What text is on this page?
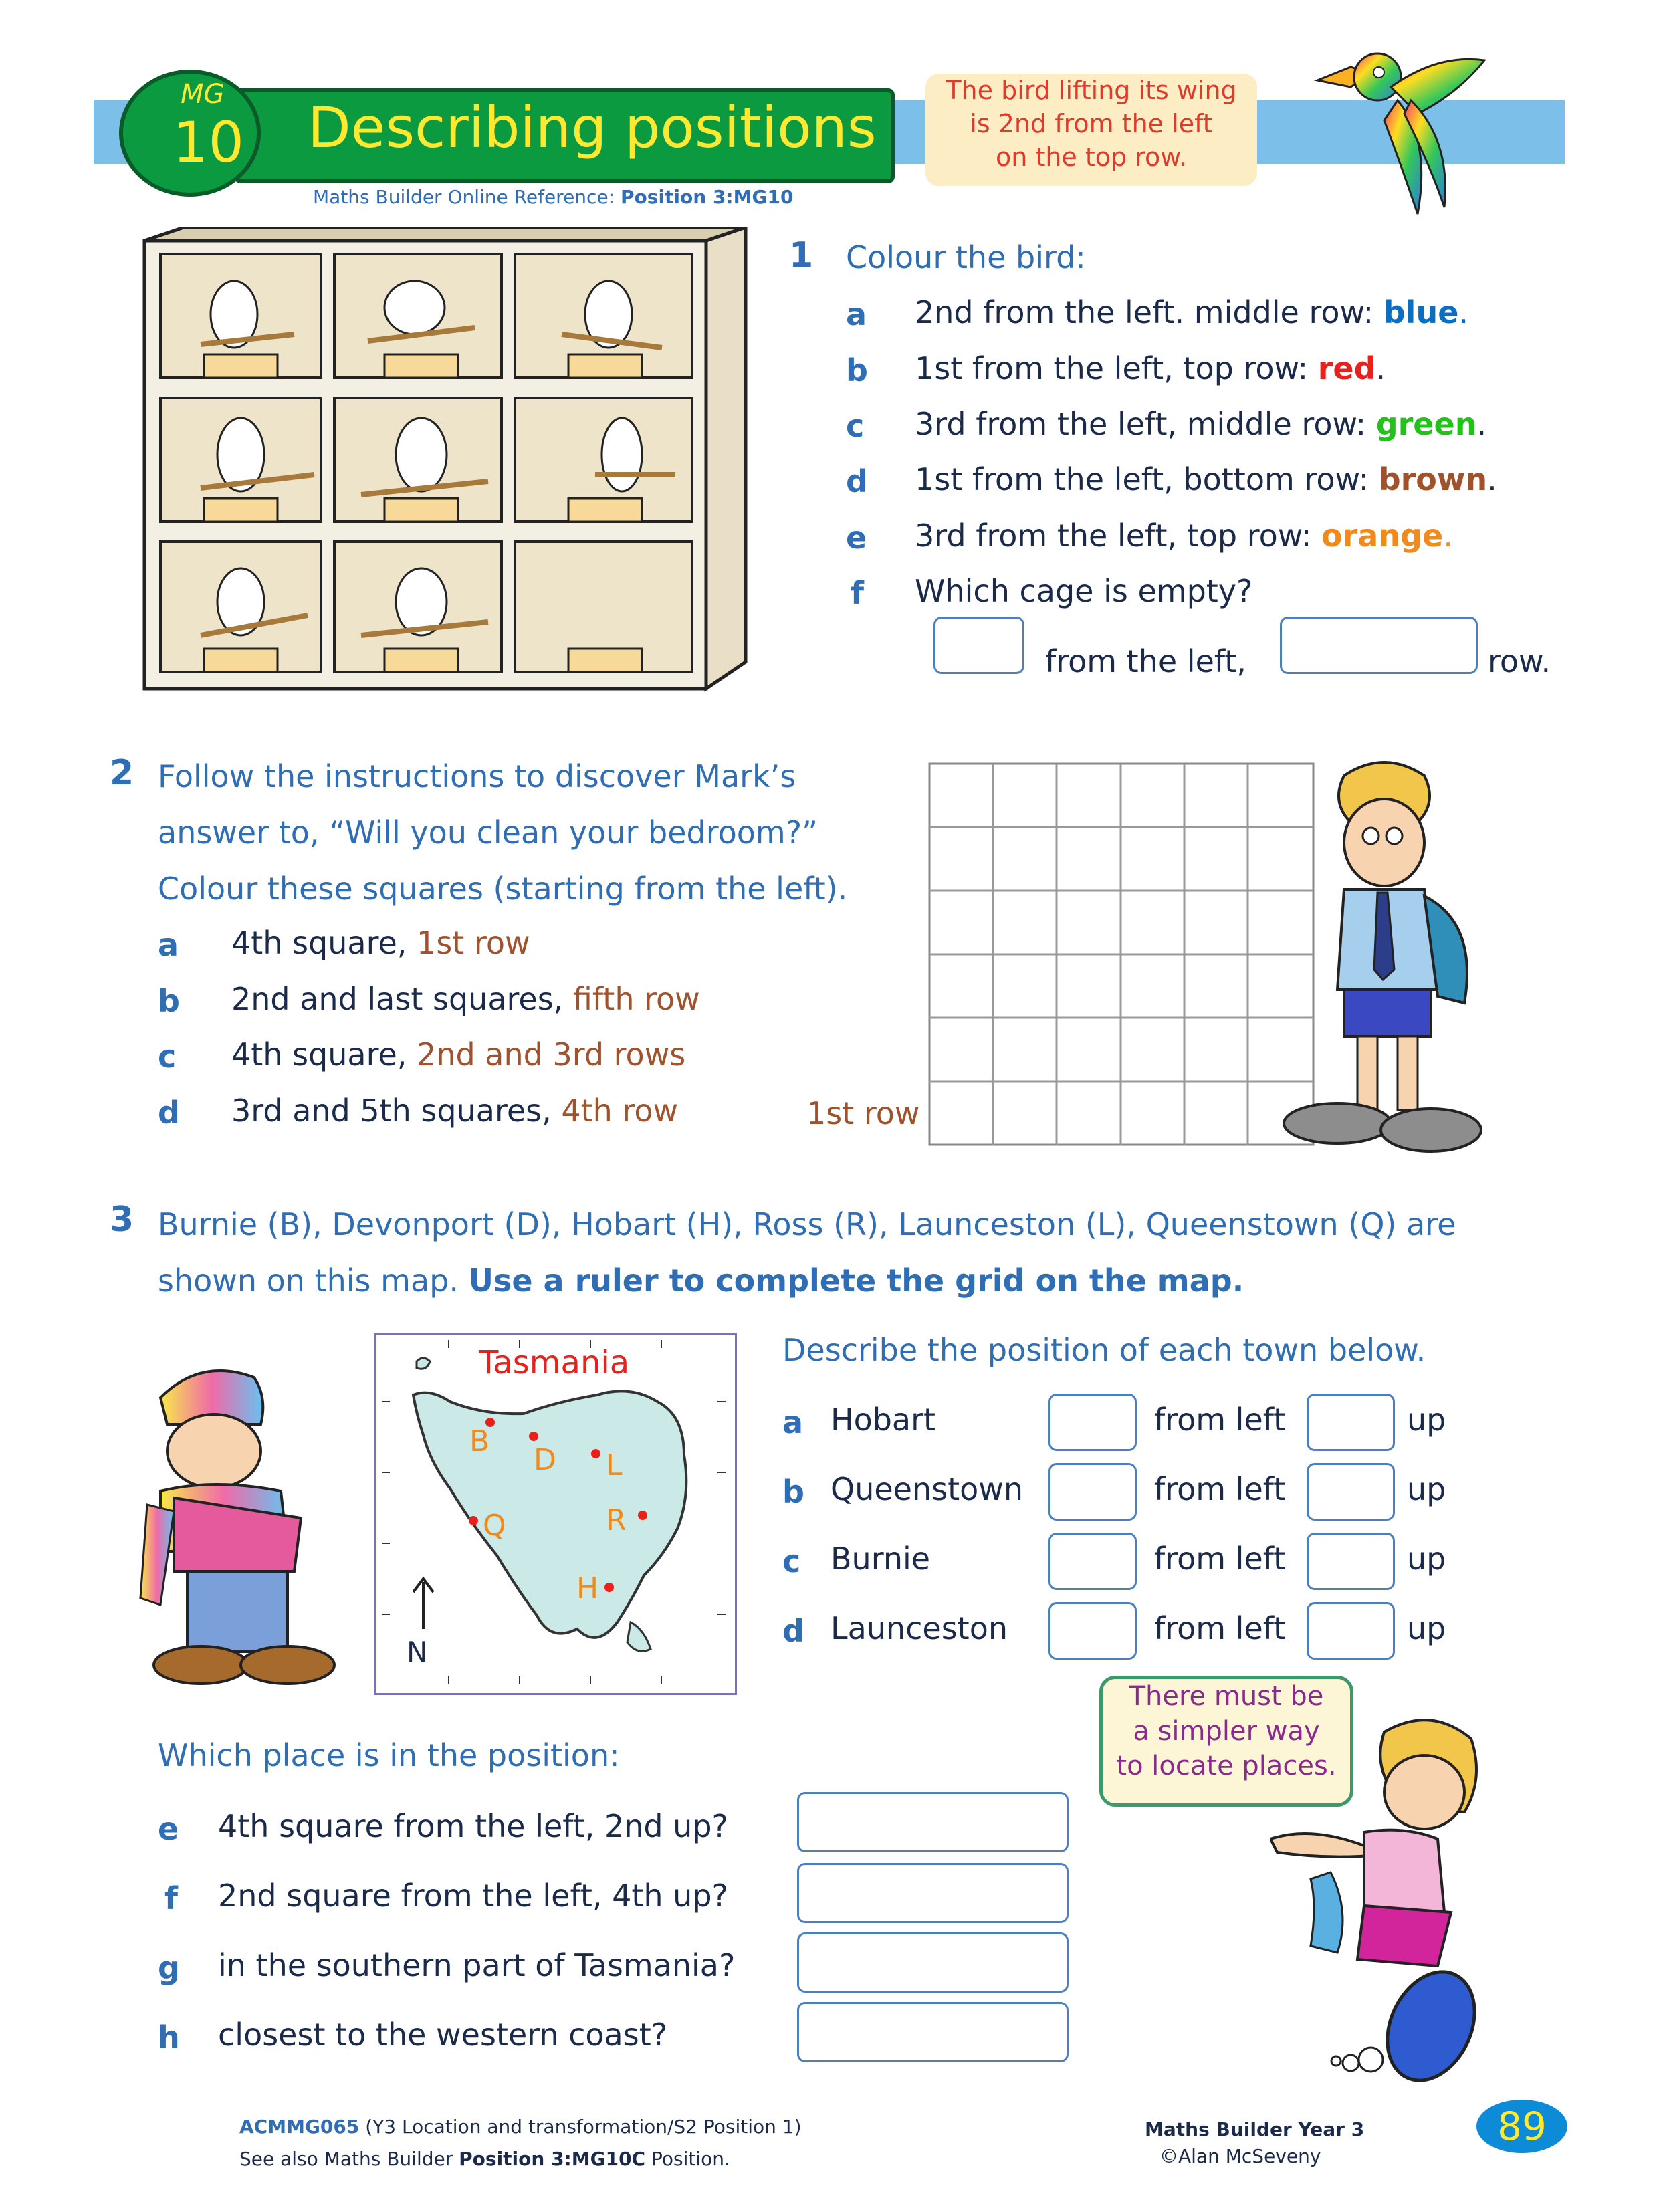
Describing positions
MG
10
Maths Builder Online Reference: Position 3:MG10
The bird lifting its wing
is 2nd from the left
on the top row.
1 Colour the bird:
a 2nd from the left. middle row: blue.
b 1st from the left, top row: red.
c 3rd from the left, middle row: green.
d 1st from the left, bottom row: brown.
e 3rd from the left, top row: orange.
f Which cage is empty?
from the left,	row.
2 Follow the instructions to discover Mark’s
answer to, “Will you clean your bedroom?”
Colour these squares (starting from the left).
a 4th square, 1st row
b 2nd and last squares, fifth row
c 4th square, 2nd and 3rd rows
d 3rd and 5th squares, 4th row	1st row
3 Burnie (B), Devonport (D), Hobart (H), Ross (R), Launceston (L), Queenstown (Q) are
shown on this map. Use a ruler to complete the grid on the map.
Tasmania
B
D L
Q	R
H
N
Describe the position of each town below.
a Hobart	from left	up
b Queenstown	from left	up
c Burnie	from left	up
d Launceston	from left	up
There must be
a simpler way
to locate places.
Which place is in the position:
e 4th square from the left, 2nd up?
f 2nd square from the left, 4th up?
g in the southern part of Tasmania?
h closest to the western coast?
ACMMG065 (Y3 Location and transformation/S2 Position 1)
See also Maths Builder Position 3:MG10C Position.
Maths Builder Year 3
©Alan McSeveny
89
